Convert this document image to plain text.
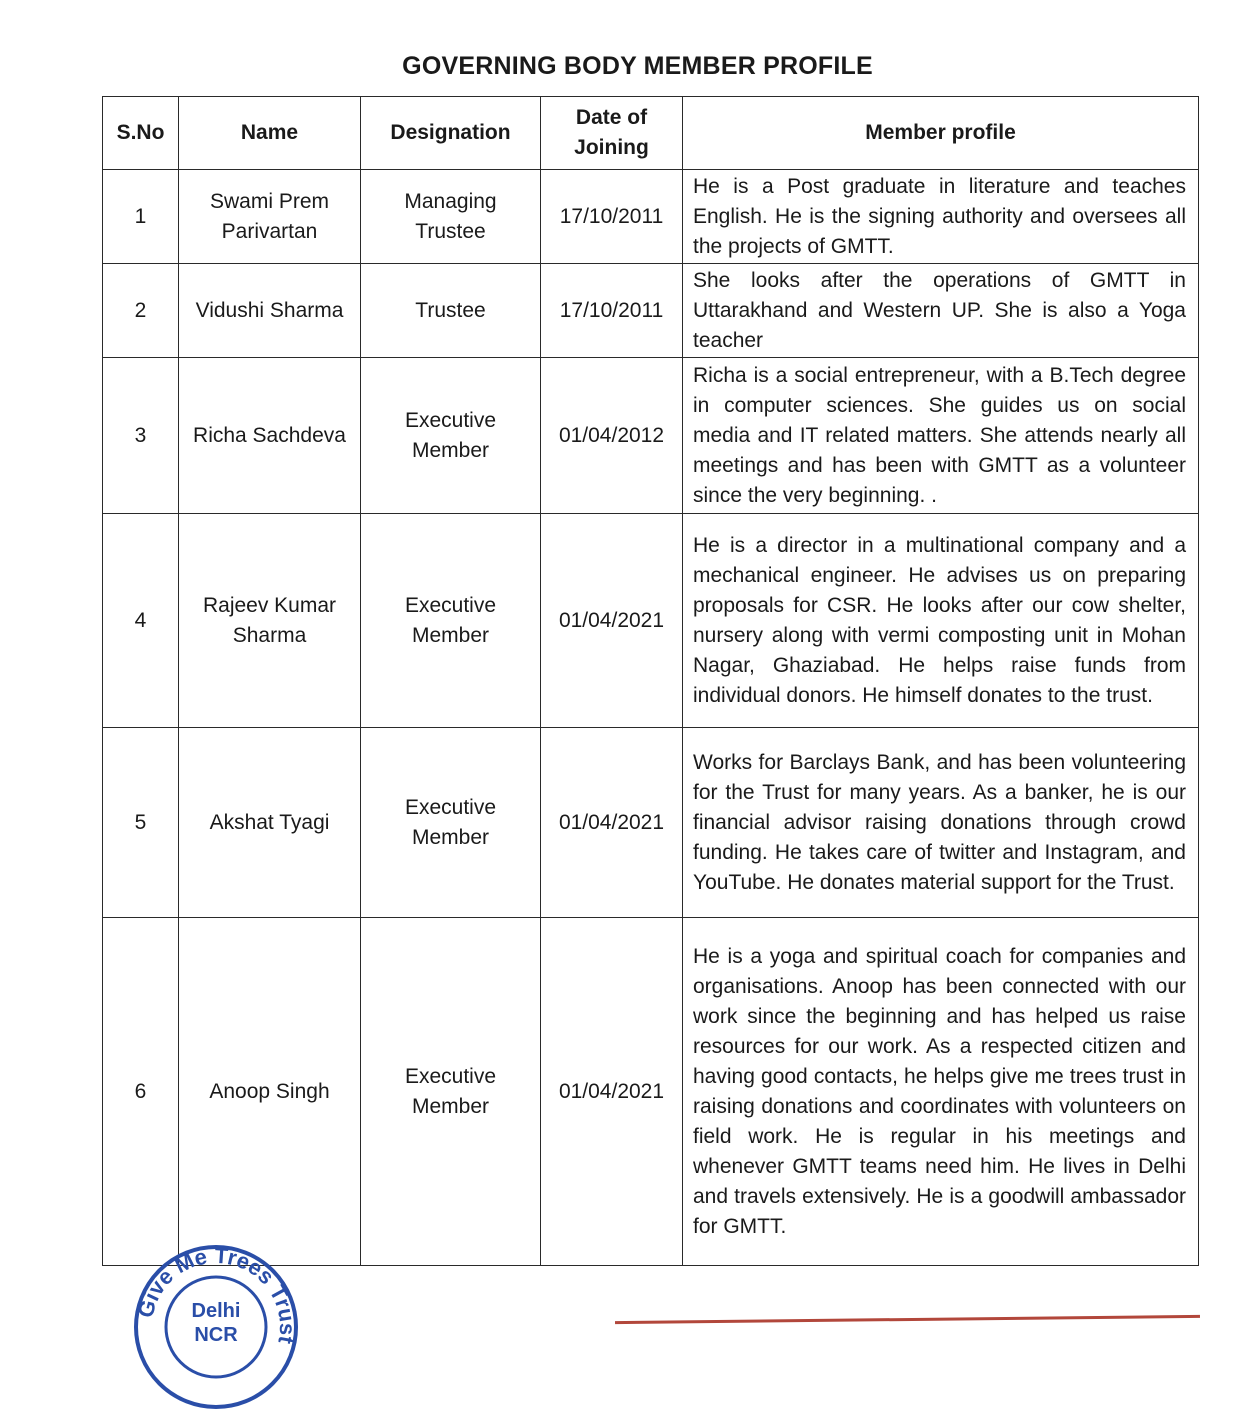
GOVERNING BODY MEMBER PROFILE
S.No	Name	Designation	Date of Joining	Member profile
1	Swami Prem Parivartan	Managing Trustee	17/10/2011	He is a Post graduate in literature and teaches English. He is the signing authority and oversees all the projects of GMTT.
2	Vidushi Sharma	Trustee	17/10/2011	She looks after the operations of GMTT in Uttarakhand and Western UP. She is also a Yoga teacher
3	Richa Sachdeva	Executive Member	01/04/2012	Richa is a social entrepreneur, with a B.Tech degree in computer sciences. She guides us on social media and IT related matters. She attends nearly all meetings and has been with GMTT as a volunteer since the very beginning. .
4	Rajeev Kumar Sharma	Executive Member	01/04/2021	He is a director in a multinational company and a mechanical engineer. He advises us on preparing proposals for CSR. He looks after our cow shelter, nursery along with vermi composting unit in Mohan Nagar, Ghaziabad. He helps raise funds from individual donors. He himself donates to the trust.
5	Akshat Tyagi	Executive Member	01/04/2021	Works for Barclays Bank, and has been volunteering for the Trust for many years. As a banker, he is our financial advisor raising donations through crowd funding. He takes care of twitter and Instagram, and YouTube. He donates material support for the Trust.
6	Anoop Singh	Executive Member	01/04/2021	He is a yoga and spiritual coach for companies and organisations. Anoop has been connected with our work since the beginning and has helped us raise resources for our work. As a respected citizen and having good contacts, he helps give me trees trust in raising donations and coordinates with volunteers on field work. He is regular in his meetings and whenever GMTT teams need him. He lives in Delhi and travels extensively. He is a goodwill ambassador for GMTT.
Give Me Trees Trust
Delhi
NCR
